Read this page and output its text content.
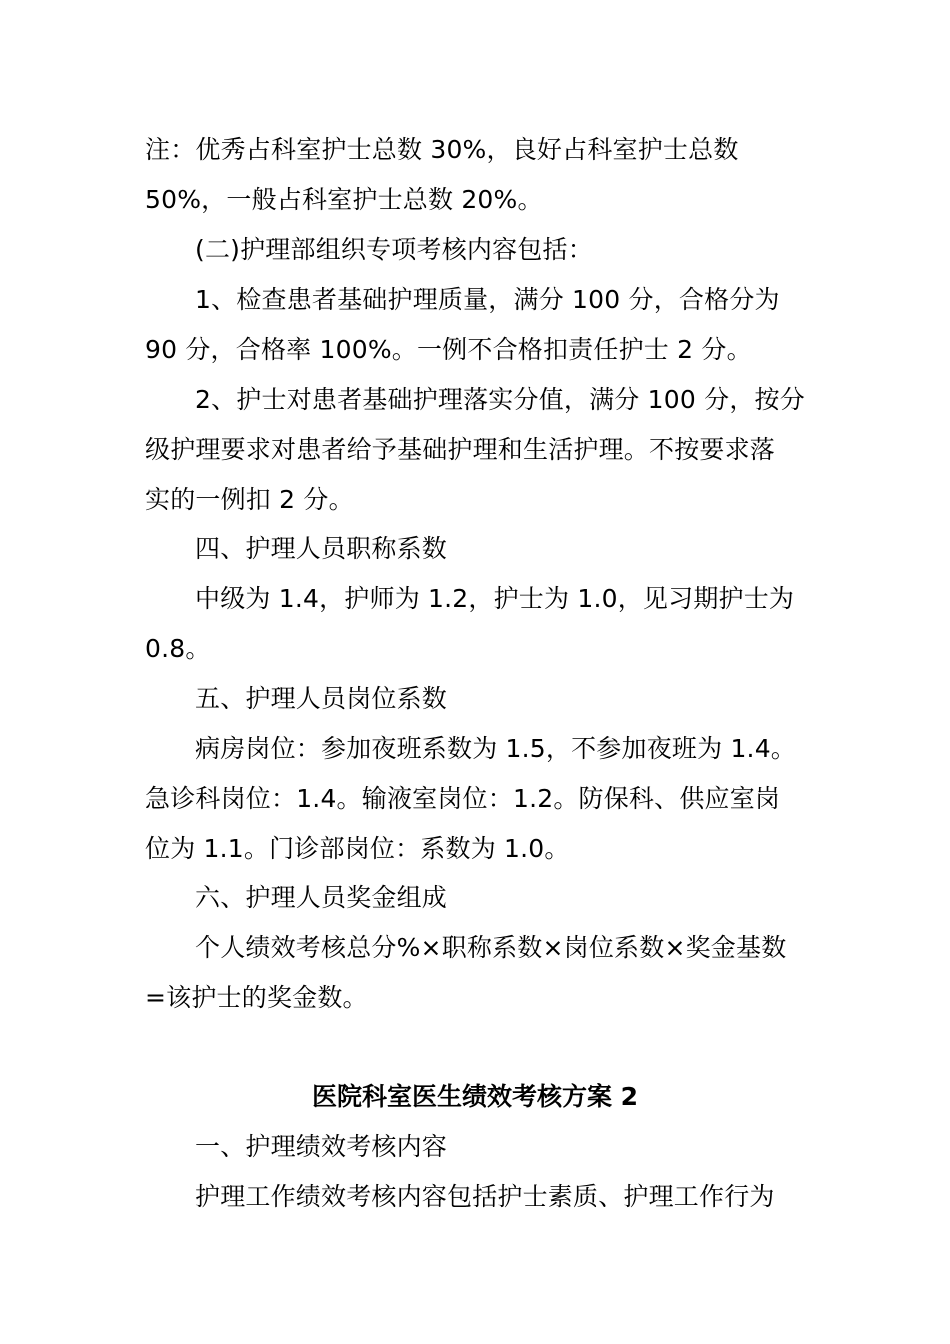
注：优秀占科室护士总数 30%，良好占科室护士总数
50%，一般占科室护士总数 20%。
(二)护理部组织专项考核内容包括：
1、检查患者基础护理质量，满分 100 分，合格分为
90 分，合格率 100%。一例不合格扣责任护士 2 分。
2、护士对患者基础护理落实分值，满分 100 分，按分
级护理要求对患者给予基础护理和生活护理。不按要求落
实的一例扣 2 分。
四、护理人员职称系数
中级为 1.4，护师为 1.2，护士为 1.0，见习期护士为
0.8。
五、护理人员岗位系数
病房岗位：参加夜班系数为 1.5，不参加夜班为 1.4。
急诊科岗位：1.4。输液室岗位：1.2。防保科、供应室岗
位为 1.1。门诊部岗位：系数为 1.0。
六、护理人员奖金组成
个人绩效考核总分%×职称系数×岗位系数×奖金基数
=该护士的奖金数。
医院科室医生绩效考核方案 2
一、护理绩效考核内容
护理工作绩效考核内容包括护士素质、护理工作行为
